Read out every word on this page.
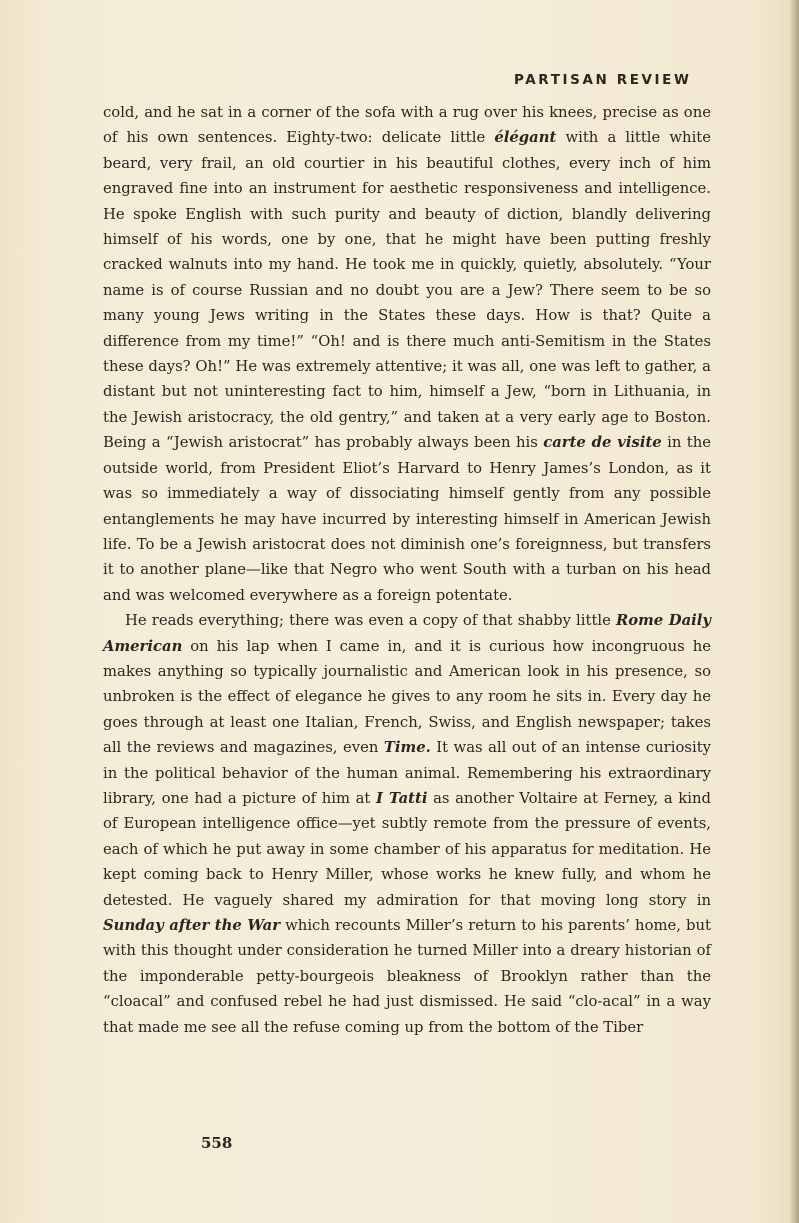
PARTISAN REVIEW

cold, and he sat in a corner of the sofa with a rug over his knees, precise as one of his own sentences. Eighty-two: delicate little élégant with a little white beard, very frail, an old courtier in his beautiful clothes, every inch of him engraved fine into an instrument for aesthetic responsiveness and intelligence. He spoke English with such purity and beauty of diction, blandly delivering himself of his words, one by one, that he might have been putting freshly cracked walnuts into my hand. He took me in quickly, quietly, absolutely. “Your name is of course Russian and no doubt you are a Jew? There seem to be so many young Jews writing in the States these days. How is that? Quite a difference from my time!” “Oh! and is there much anti-Semitism in the States these days? Oh!” He was extremely attentive; it was all, one was left to gather, a distant but not uninteresting fact to him, himself a Jew, “born in Lithuania, in the Jewish aristocracy, the old gentry,” and taken at a very early age to Boston. Being a “Jewish aristocrat” has probably always been his carte de visite in the outside world, from President Eliot’s Harvard to Henry James’s London, as it was so immediately a way of dissociating himself gently from any possible entanglements he may have incurred by interesting himself in American Jewish life. To be a Jewish aristocrat does not diminish one’s foreignness, but transfers it to another plane—like that Negro who went South with a turban on his head and was welcomed everywhere as a foreign potentate.

He reads everything; there was even a copy of that shabby little Rome Daily American on his lap when I came in, and it is curious how incongruous he makes anything so typically journalistic and American look in his presence, so unbroken is the effect of elegance he gives to any room he sits in. Every day he goes through at least one Italian, French, Swiss, and English newspaper; takes all the reviews and magazines, even Time. It was all out of an intense curiosity in the political behavior of the human animal. Remembering his extraordinary library, one had a picture of him at I Tatti as another Voltaire at Ferney, a kind of European intelligence office—yet subtly remote from the pressure of events, each of which he put away in some chamber of his apparatus for meditation. He kept coming back to Henry Miller, whose works he knew fully, and whom he detested. He vaguely shared my admiration for that moving long story in Sunday after the War which recounts Miller’s return to his parents’ home, but with this thought under consideration he turned Miller into a dreary historian of the imponderable petty-bourgeois bleakness of Brooklyn rather than the “cloacal” and confused rebel he had just dismissed. He said “clo-acal” in a way that made me see all the refuse coming up from the bottom of the Tiber

558
